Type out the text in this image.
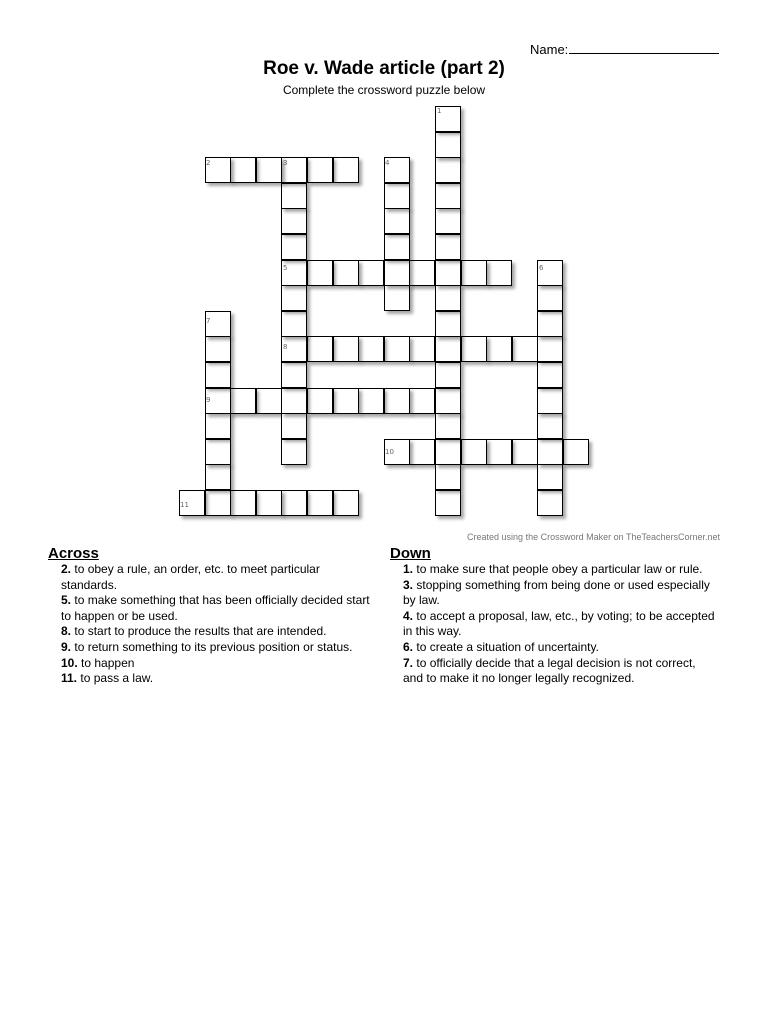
Name:
Roe v. Wade article (part 2)
Complete the crossword puzzle below
1
2	3	4
5	6
7
8
9
10
11
Created using the Crossword Maker on TheTeachersCorner.net
Across
2. to obey a rule, an order, etc. to meet particular standards.
5. to make something that has been officially decided start to happen or be used.
8. to start to produce the results that are intended.
9. to return something to its previous position or status.
10. to happen
11. to pass a law.
Down
1. to make sure that people obey a particular law or rule.
3. stopping something from being done or used especially by law.
4. to accept a proposal, law, etc., by voting; to be accepted in this way.
6. to create a situation of uncertainty.
7. to officially decide that a legal decision is not correct, and to make it no longer legally recognized.
